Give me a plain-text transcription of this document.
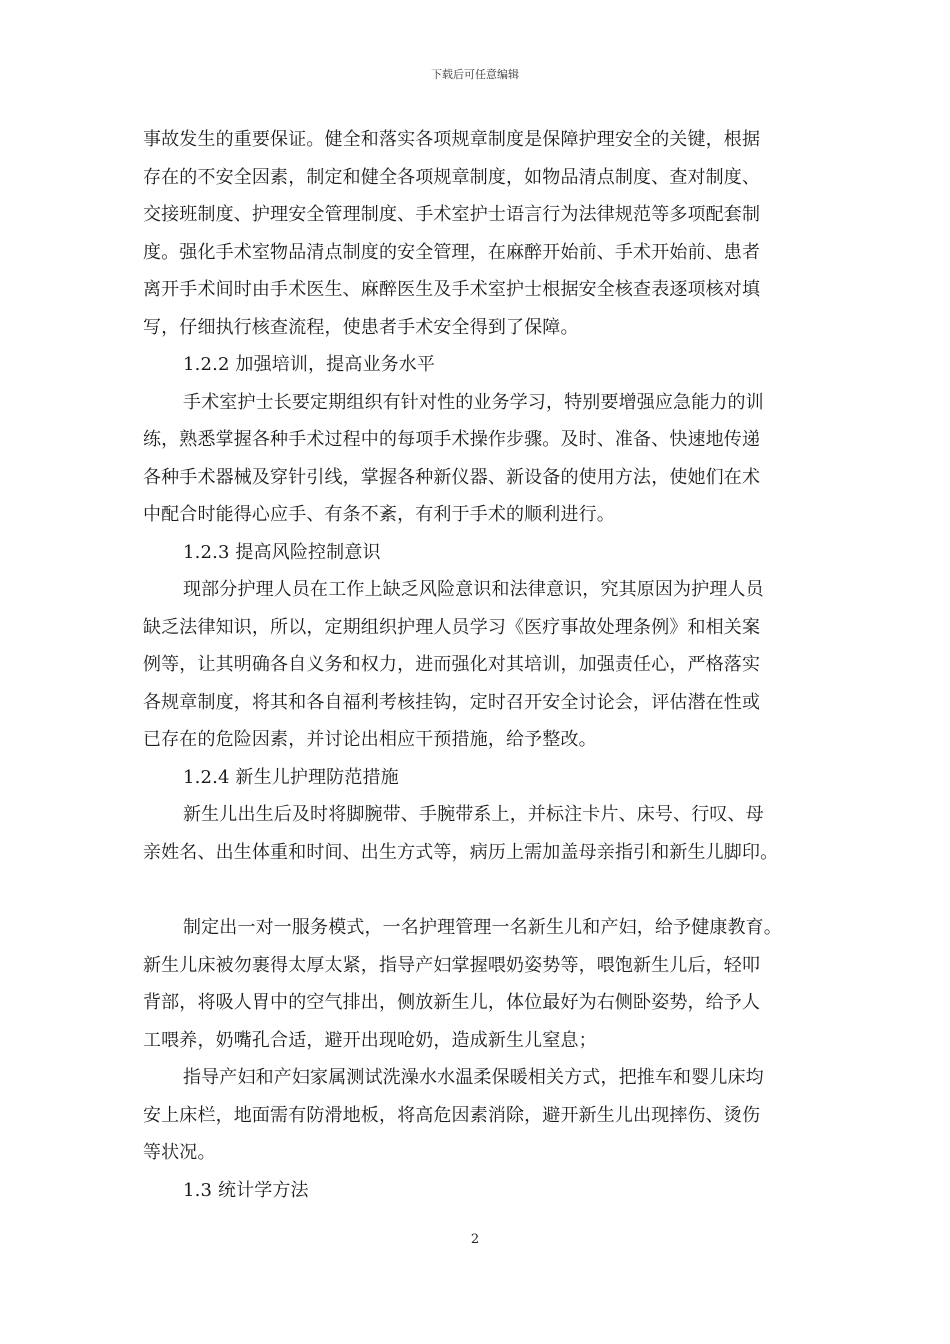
下载后可任意编辑
事故发生的重要保证。健全和落实各项规章制度是保障护理安全的关键，根据
存在的不安全因素，制定和健全各项规章制度，如物品清点制度、查对制度、
交接班制度、护理安全管理制度、手术室护士语言行为法律规范等多项配套制
度。强化手术室物品清点制度的安全管理，在麻醉开始前、手术开始前、患者
离开手术间时由手术医生、麻醉医生及手术室护士根据安全核查表逐项核对填
写，仔细执行核查流程，使患者手术安全得到了保障。
1.2.2 加强培训，提高业务水平
手术室护士长要定期组织有针对性的业务学习，特别要增强应急能力的训
练，熟悉掌握各种手术过程中的每项手术操作步骤。及时、准备、快速地传递
各种手术器械及穿针引线，掌握各种新仪器、新设备的使用方法，使她们在术
中配合时能得心应手、有条不紊，有利于手术的顺利进行。
1.2.3 提高风险控制意识
现部分护理人员在工作上缺乏风险意识和法律意识，究其原因为护理人员
缺乏法律知识，所以，定期组织护理人员学习《医疗事故处理条例》和相关案
例等，让其明确各自义务和权力，进而强化对其培训，加强责任心，严格落实
各规章制度，将其和各自福利考核挂钩，定时召开安全讨论会，评估潜在性或
已存在的危险因素，并讨论出相应干预措施，给予整改。
1.2.4 新生儿护理防范措施
新生儿出生后及时将脚腕带、手腕带系上，并标注卡片、床号、行叹、母
亲姓名、出生体重和时间、出生方式等，病历上需加盖母亲指引和新生儿脚印。
制定出一对一服务模式，一名护理管理一名新生儿和产妇，给予健康教育。
新生儿床被勿裹得太厚太紧，指导产妇掌握喂奶姿势等，喂饱新生儿后，轻叩
背部，将吸人胃中的空气排出，侧放新生儿，体位最好为右侧卧姿势，给予人
工喂养，奶嘴孔合适，避开出现呛奶，造成新生儿窒息；
指导产妇和产妇家属测试洗澡水水温柔保暖相关方式，把推车和婴儿床均
安上床栏，地面需有防滑地板，将高危因素消除，避开新生儿出现摔伤、烫伤
等状况。
1.3 统计学方法
2
